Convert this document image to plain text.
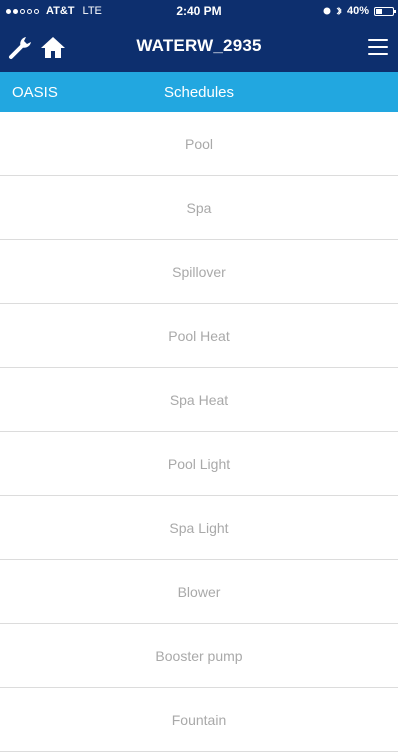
AT&T LTE	2:40 PM	40%
WATERW_2935
OASIS	Schedules
Pool
Spa
Spillover
Pool Heat
Spa Heat
Pool Light
Spa Light
Blower
Booster pump
Fountain
